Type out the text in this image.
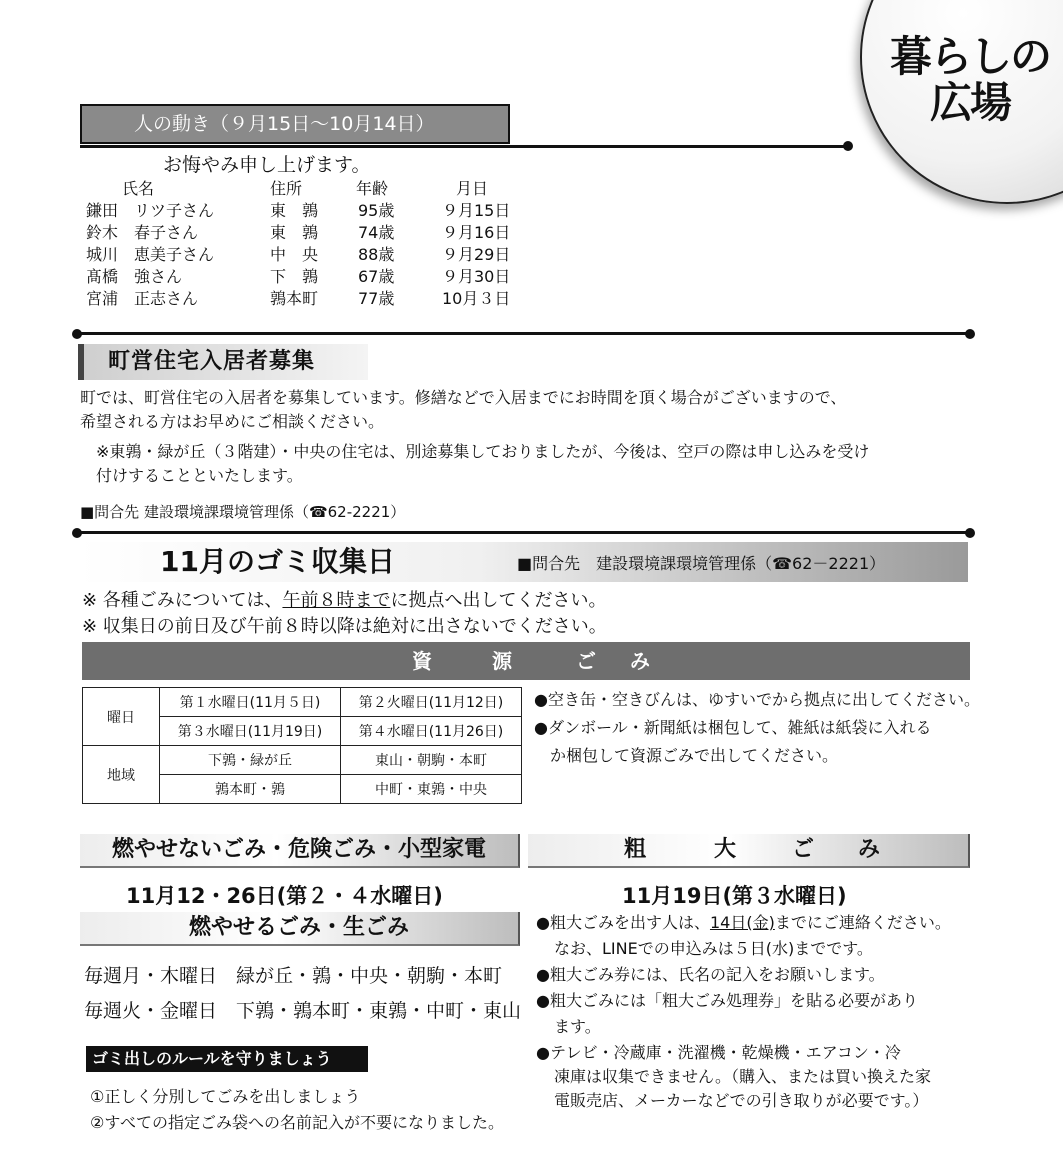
暮らしの
広場
人の動き（９月15日～10月14日）
お悔やみ申し上げます。
氏名	住所	年齢	月日
鎌田　リツ子さん	東　鶉 95歳	９月15日
鈴木　春子さん	東　鶉 74歳	９月16日
城川　恵美子さん	中　央 88歳	９月29日
髙橋　強さん	下　鶉 67歳	９月30日
宮浦　正志さん	鶉本町 77歳	10月３日
町営住宅入居者募集
町では、町営住宅の入居者を募集しています。修繕などで入居までにお時間を頂く場合がございますので、
希望される方はお早めにご相談ください。
※東鶉・緑が丘（３階建）・中央の住宅は、別途募集しておりましたが、今後は、空戸の際は申し込みを受け
付けすることといたします。
■問合先 建設環境課環境管理係（☎62-2221）
11月のゴミ収集日	■問合先　建設環境課環境管理係（☎62－2221）
※ 各種ごみについては、午前８時までに拠点へ出してください。
※ 収集日の前日及び午前８時以降は絶対に出さないでください。
資	源	ご み
曜日	第１水曜日(11月５日)	第２火曜日(11月12日)
	第３水曜日(11月19日)	第４水曜日(11月26日)
地域	下鶉・緑が丘	東山・朝駒・本町
	鶉本町・鶉	中町・東鶉・中央
●空き缶・空きびんは、ゆすいでから拠点に出してください。
●ダンボール・新聞紙は梱包して、雑紙は紙袋に入れる
か梱包して資源ごみで出してください。
燃やせないごみ・危険ごみ・小型家電
11月12・26日(第２・４水曜日)
燃やせるごみ・生ごみ
毎週月・木曜日　緑が丘・鶉・中央・朝駒・本町
毎週火・金曜日　下鶉・鶉本町・東鶉・中町・東山
ゴミ出しのルールを守りましょう
①正しく分別してごみを出しましょう
②すべての指定ごみ袋への名前記入が不要になりました。
粗	大	ご み
11月19日(第３水曜日)
●粗大ごみを出す人は、14日(金)までにご連絡ください。
なお、LINEでの申込みは５日(水)までです。
●粗大ごみ券には、氏名の記入をお願いします。
●粗大ごみには「粗大ごみ処理券」を貼る必要があり
ます。
●テレビ・冷蔵庫・洗濯機・乾燥機・エアコン・冷
凍庫は収集できません。（購入、または買い換えた家
電販売店、メーカーなどでの引き取りが必要です。）
